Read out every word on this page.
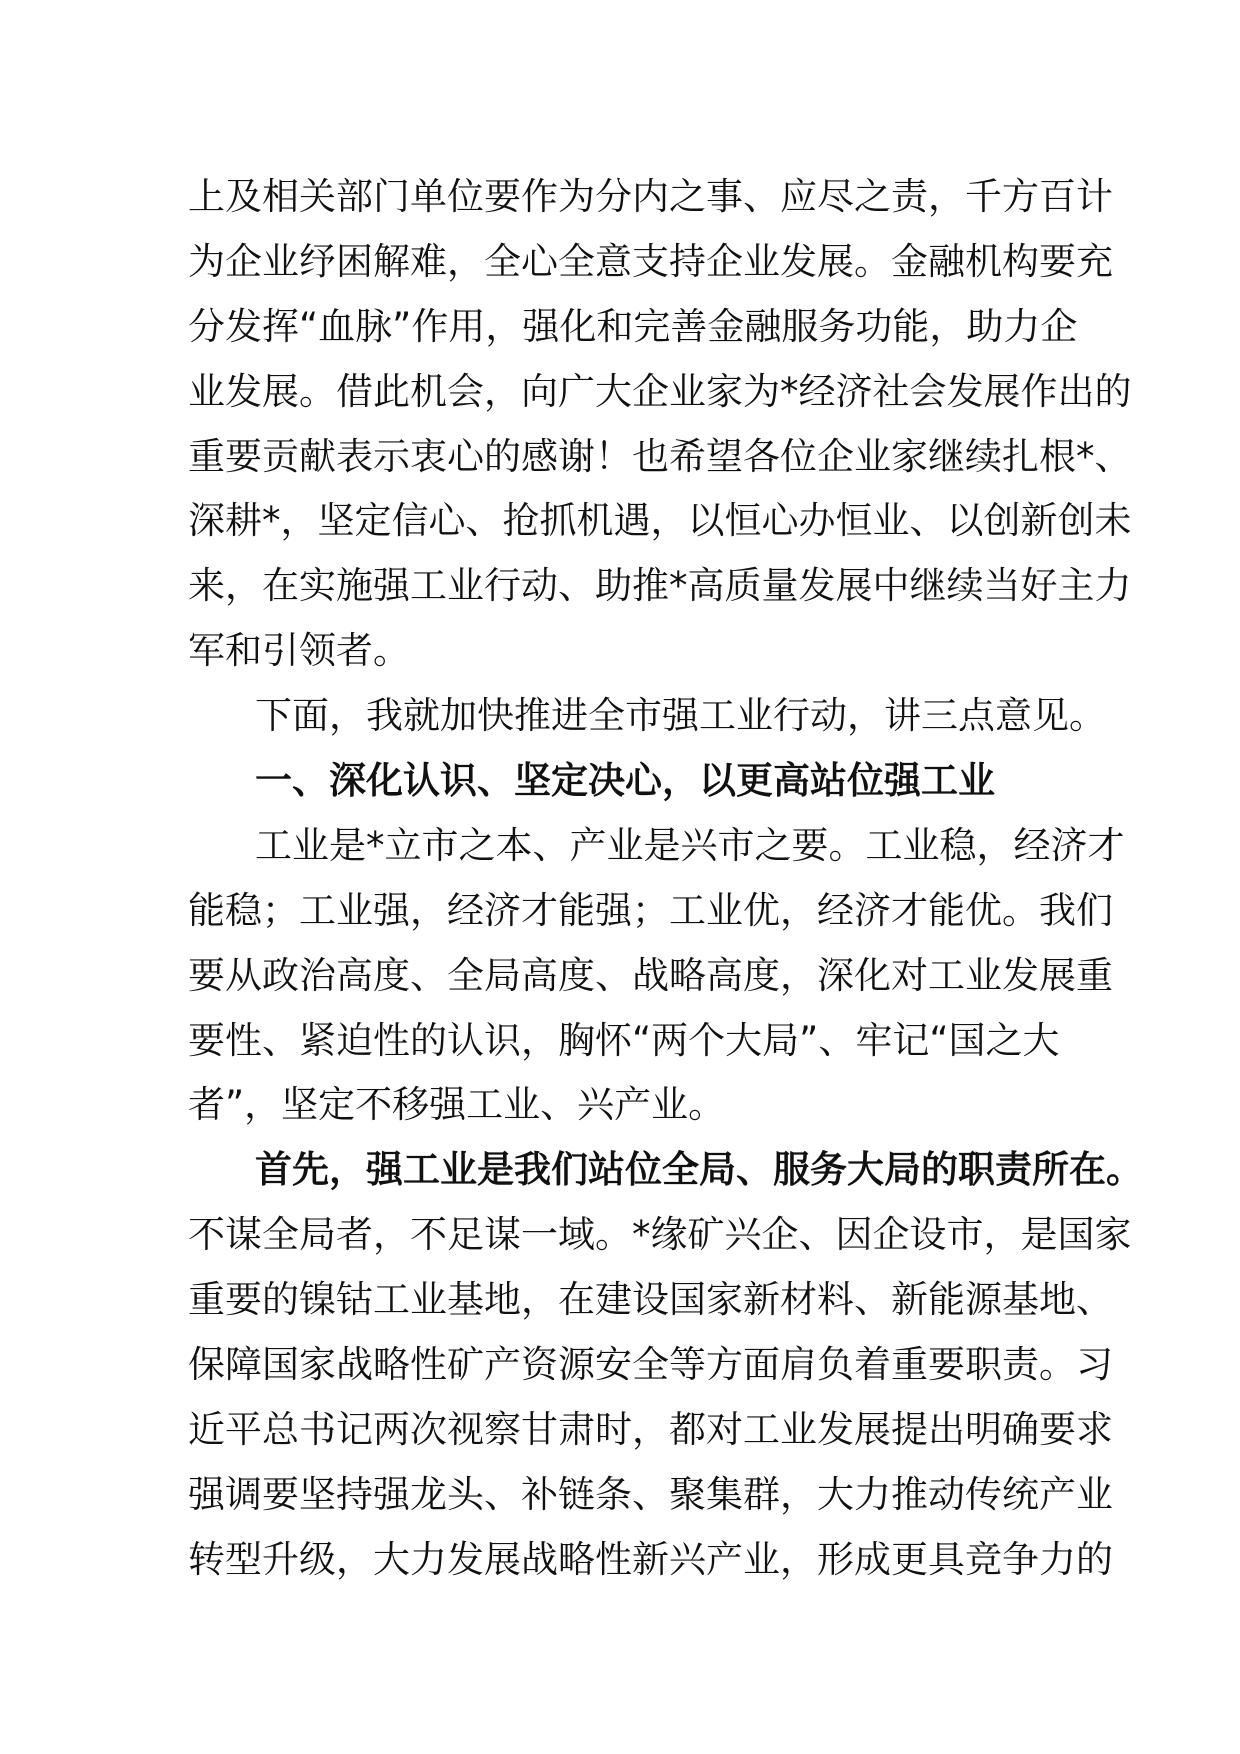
上及相关部门单位要作为分内之事、应尽之责，千方百计
为企业纾困解难，全心全意支持企业发展。金融机构要充
分发挥“血脉”作用，强化和完善金融服务功能，助力企
业发展。借此机会，向广大企业家为*经济社会发展作出的
重要贡献表示衷心的感谢！也希望各位企业家继续扎根*、
深耕*，坚定信心、抢抓机遇，以恒心办恒业、以创新创未
来，在实施强工业行动、助推*高质量发展中继续当好主力
军和引领者。
下面，我就加快推进全市强工业行动，讲三点意见。
一、深化认识、坚定决心，以更高站位强工业
工业是*立市之本、产业是兴市之要。工业稳，经济才
能稳；工业强，经济才能强；工业优，经济才能优。我们
要从政治高度、全局高度、战略高度，深化对工业发展重
要性、紧迫性的认识，胸怀“两个大局”、牢记“国之大
者”，坚定不移强工业、兴产业。
首先，强工业是我们站位全局、服务大局的职责所在。
不谋全局者，不足谋一域。*缘矿兴企、因企设市，是国家
重要的镍钴工业基地，在建设国家新材料、新能源基地、
保障国家战略性矿产资源安全等方面肩负着重要职责。习
近平总书记两次视察甘肃时，都对工业发展提出明确要求
强调要坚持强龙头、补链条、聚集群，大力推动传统产业
转型升级，大力发展战略性新兴产业，形成更具竞争力的
